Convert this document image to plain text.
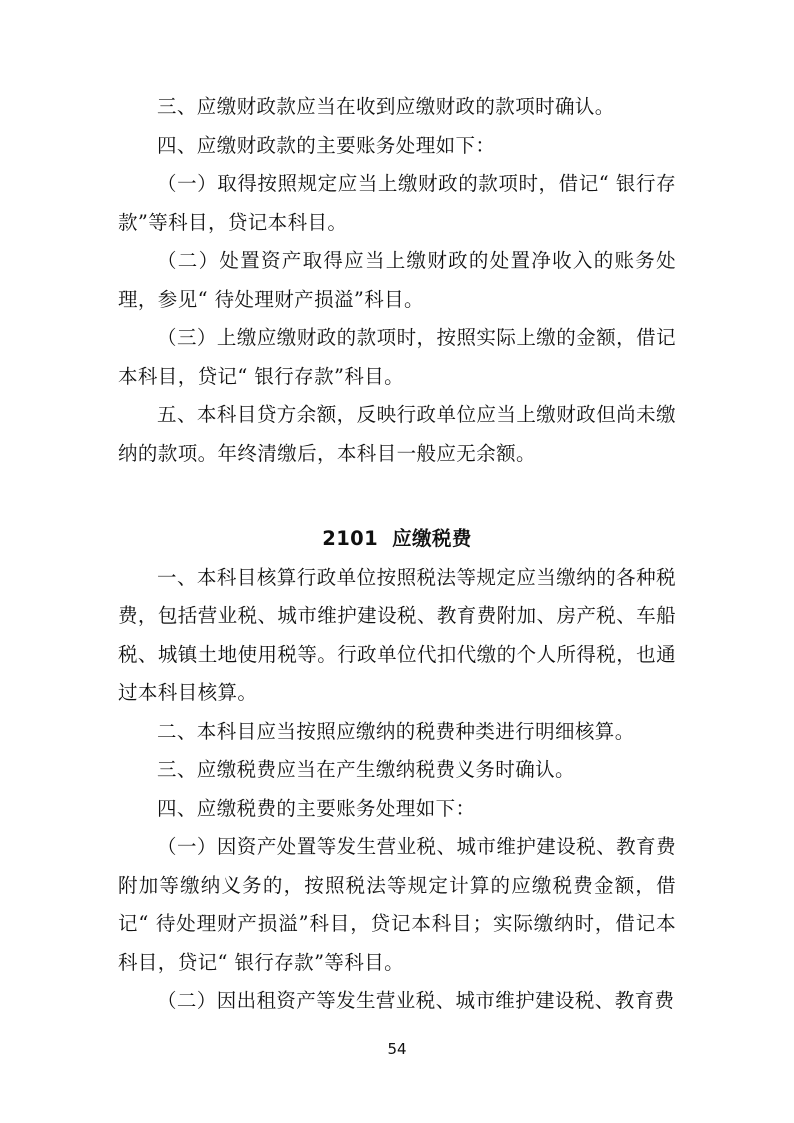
三、应缴财政款应当在收到应缴财政的款项时确认。

四、应缴财政款的主要账务处理如下：

（一）取得按照规定应当上缴财政的款项时，借记“ 银行存款”等科目，贷记本科目。

（二）处置资产取得应当上缴财政的处置净收入的账务处理，参见“ 待处理财产损溢”科目。

（三）上缴应缴财政的款项时，按照实际上缴的金额，借记本科目，贷记“ 银行存款”科目。

五、本科目贷方余额，反映行政单位应当上缴财政但尚未缴纳的款项。年终清缴后，本科目一般应无余额。

2101 应缴税费

一、本科目核算行政单位按照税法等规定应当缴纳的各种税费，包括营业税、城市维护建设税、教育费附加、房产税、车船税、城镇土地使用税等。行政单位代扣代缴的个人所得税，也通过本科目核算。

二、本科目应当按照应缴纳的税费种类进行明细核算。

三、应缴税费应当在产生缴纳税费义务时确认。

四、应缴税费的主要账务处理如下：

（一）因资产处置等发生营业税、城市维护建设税、教育费附加等缴纳义务的，按照税法等规定计算的应缴税费金额，借记“ 待处理财产损溢”科目，贷记本科目；实际缴纳时，借记本科目，贷记“ 银行存款”等科目。

（二）因出租资产等发生营业税、城市维护建设税、教育费

54
